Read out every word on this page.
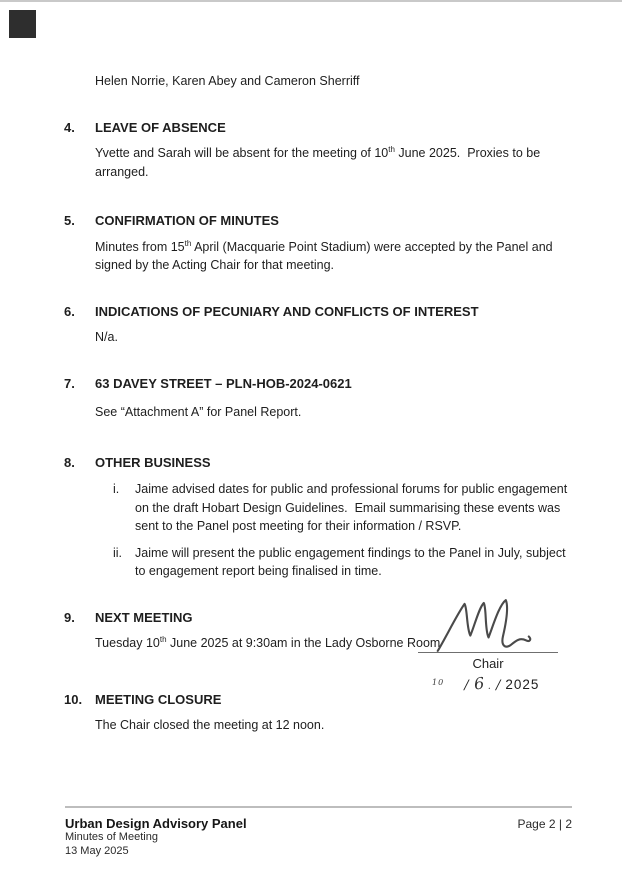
Helen Norrie, Karen Abey and Cameron Sherriff

4. LEAVE OF ABSENCE

Yvette and Sarah will be absent for the meeting of 10th June 2025.  Proxies to be arranged.

5. CONFIRMATION OF MINUTES

Minutes from 15th April (Macquarie Point Stadium) were accepted by the Panel and signed by the Acting Chair for that meeting.

6. INDICATIONS OF PECUNIARY AND CONFLICTS OF INTEREST

N/a.

7. 63 DAVEY STREET – PLN-HOB-2024-0621

See “Attachment A” for Panel Report.

8. OTHER BUSINESS
i.	Jaime advised dates for public and professional forums for public engagement on the draft Hobart Design Guidelines.  Email summarising these events was sent to the Panel post meeting for their information / RSVP.
ii.	Jaime will present the public engagement findings to the Panel in July, subject to engagement report being finalised in time.
9. NEXT MEETING

Tuesday 10th June 2025 at 9:30am in the Lady Osborne Room

10. MEETING CLOSURE

The Chair closed the meeting at 12 noon.

Chair
10 / 6 . / 2025
Urban Design Advisory Panel
Minutes of Meeting
13 May 2025
Page 2 | 2
